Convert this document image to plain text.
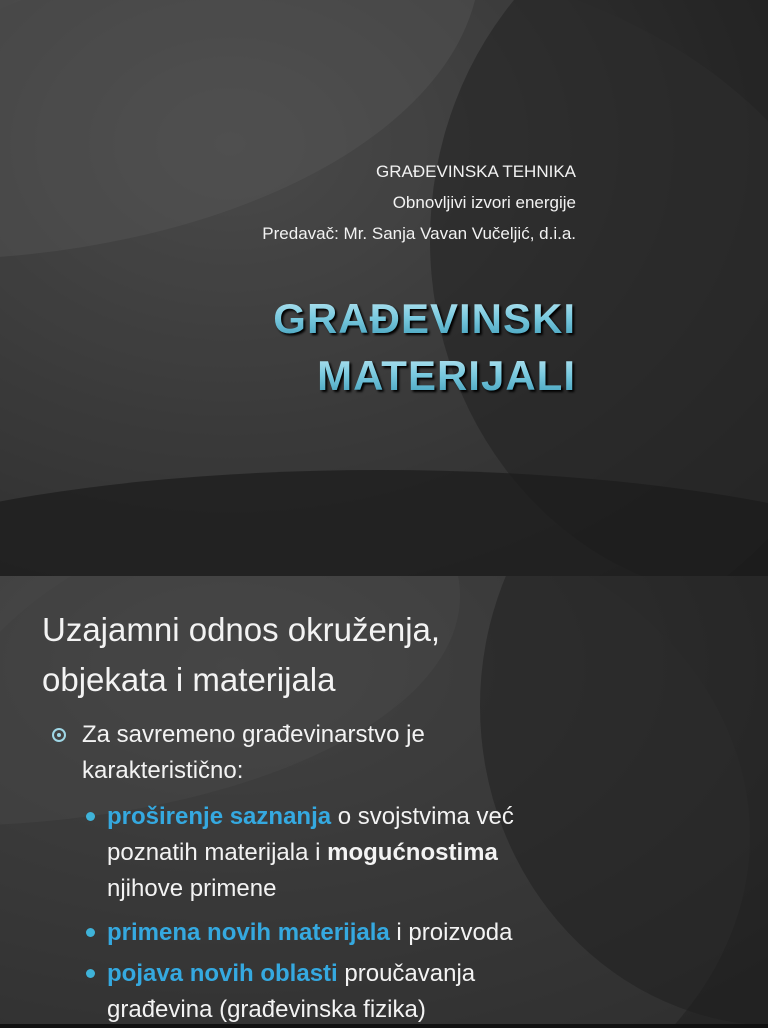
GRAĐEVINSKA TEHNIKA
Obnovljivi izvori energije
Predavač: Mr. Sanja Vavan Vučeljić, d.i.a.
GRAĐEVINSKI
MATERIJALI
Uzajamni odnos okruženja,
objekata i materijala
Za savremeno građevinarstvo je
karakteristično:
proširenje saznanja o svojstvima već
poznatih materijala i mogućnostima
njihove primene
primena novih materijala i proizvoda
pojava novih oblasti proučavanja
građevina (građevinska fizika)
